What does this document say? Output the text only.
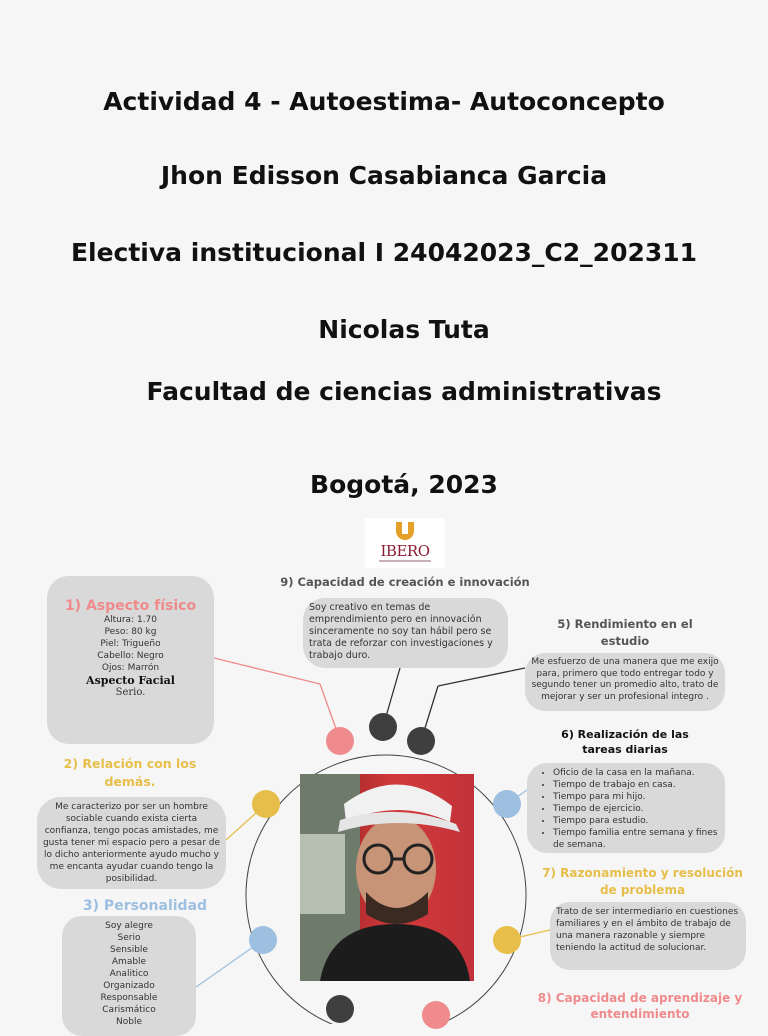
Actividad 4 - Autoestima- Autoconcepto
Jhon Edisson Casabianca Garcia
Electiva institucional I 24042023_C2_202311
Nicolas Tuta
Facultad de ciencias administrativas
Bogotá, 2023
IBERO
1) Aspecto físico
Altura: 1.70
Peso: 80 kg
Piel: Trigueño
Cabello: Negro
Ojos: Marrón
Aspecto Facial
Serio.
9) Capacidad de creación e innovación
Soy creativo en temas de emprendimiento pero en innovación sinceramente no soy tan hábil pero se trata de reforzar con investigaciones y trabajo duro.
5) Rendimiento en el estudio
Me esfuerzo de una manera que me exijo para, primero que todo entregar todo y segundo tener un promedio alto, trato de mejorar y ser un profesional integro .
6) Realización de las tareas diarias
• Oficio de la casa en la mañana.
• Tiempo de trabajo en casa.
• Tiempo para mi hijo.
• Tiempo de ejercicio.
• Tiempo para estudio.
• Tiempo familia entre semana y fines de semana.
2) Relación con los demás.
Me caracterizo por ser un hombre sociable cuando exista cierta confianza, tengo pocas amistades, me gusta tener mi espacio pero a pesar de lo dicho anteriormente ayudo mucho y me encanta ayudar cuando tengo la posibilidad.	7) Razonamiento y resolución de problema
Trato de ser intermediario en cuestiones familiares y en el ámbito de trabajo de una manera razonable y siempre teniendo la actitud de solucionar.
3) Personalidad
Soy alegre
Serio
Sensible
Amable
Analitico
Organizado
Responsable
Carismático
Noble
8) Capacidad de aprendizaje y entendimiento
